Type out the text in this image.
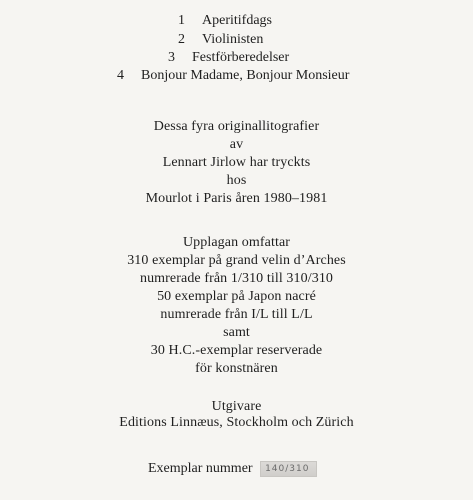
1	Aperitifdags
2	Violinisten
3	Festförberedelser
4	Bonjour Madame, Bonjour Monsieur
Dessa fyra originallitografier
av
Lennart Jirlow har tryckts
hos
Mourlot i Paris åren 1980–1981
Upplagan omfattar
310 exemplar på grand velin d’Arches
numrerade från 1/310 till 310/310
50 exemplar på Japon nacré
numrerade från I/L till L/L
samt
30 H.C.-exemplar reserverade
för konstnären
Utgivare
Editions Linnæus, Stockholm och Zürich
Exemplar nummer 140/310
